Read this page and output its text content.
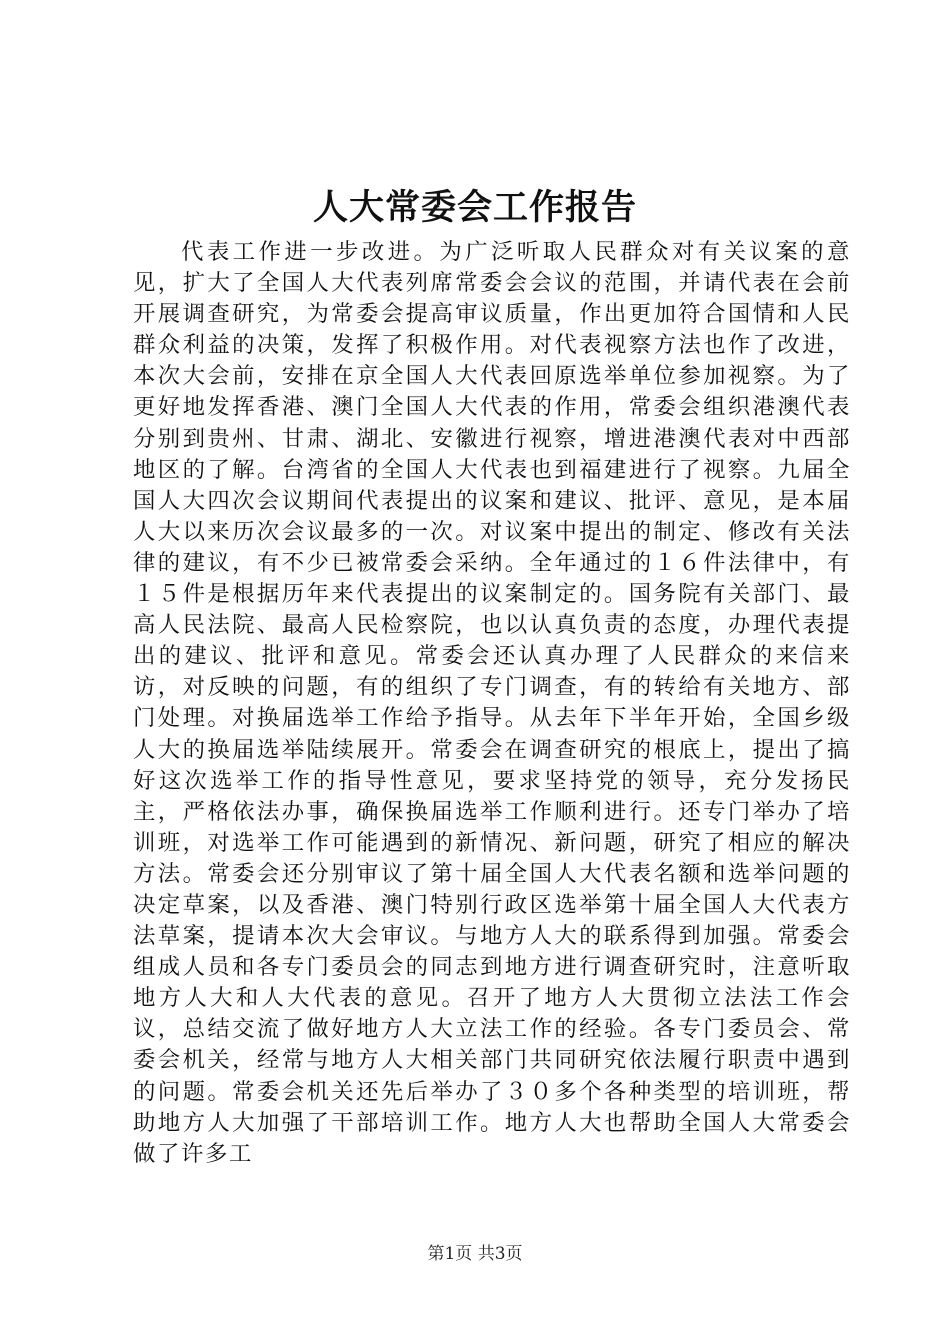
人大常委会工作报告

代表工作进一步改进。为广泛听取人民群众对有关议案的意见，扩大了全国人大代表列席常委会会议的范围，并请代表在会前开展调查研究，为常委会提高审议质量，作出更加符合国情和人民群众利益的决策，发挥了积极作用。对代表视察方法也作了改进，本次大会前，安排在京全国人大代表回原选举单位参加视察。为了更好地发挥香港、澳门全国人大代表的作用，常委会组织港澳代表分别到贵州、甘肃、湖北、安徽进行视察，增进港澳代表对中西部地区的了解。台湾省的全国人大代表也到福建进行了视察。九届全国人大四次会议期间代表提出的议案和建议、批评、意见，是本届人大以来历次会议最多的一次。对议案中提出的制定、修改有关法律的建议，有不少已被常委会采纳。全年通过的１６件法律中，有１５件是根据历年来代表提出的议案制定的。国务院有关部门、最高人民法院、最高人民检察院，也以认真负责的态度，办理代表提出的建议、批评和意见。常委会还认真办理了人民群众的来信来访，对反映的问题，有的组织了专门调查，有的转给有关地方、部门处理。对换届选举工作给予指导。从去年下半年开始，全国乡级人大的换届选举陆续展开。常委会在调查研究的根底上，提出了搞好这次选举工作的指导性意见，要求坚持党的领导，充分发扬民主，严格依法办事，确保换届选举工作顺利进行。还专门举办了培训班，对选举工作可能遇到的新情况、新问题，研究了相应的解决方法。常委会还分别审议了第十届全国人大代表名额和选举问题的决定草案，以及香港、澳门特别行政区选举第十届全国人大代表方法草案，提请本次大会审议。与地方人大的联系得到加强。常委会组成人员和各专门委员会的同志到地方进行调查研究时，注意听取地方人大和人大代表的意见。召开了地方人大贯彻立法法工作会议，总结交流了做好地方人大立法工作的经验。各专门委员会、常委会机关，经常与地方人大相关部门共同研究依法履行职责中遇到的问题。常委会机关还先后举办了３０多个各种类型的培训班，帮助地方人大加强了干部培训工作。地方人大也帮助全国人大常委会做了许多工

第1页 共3页
